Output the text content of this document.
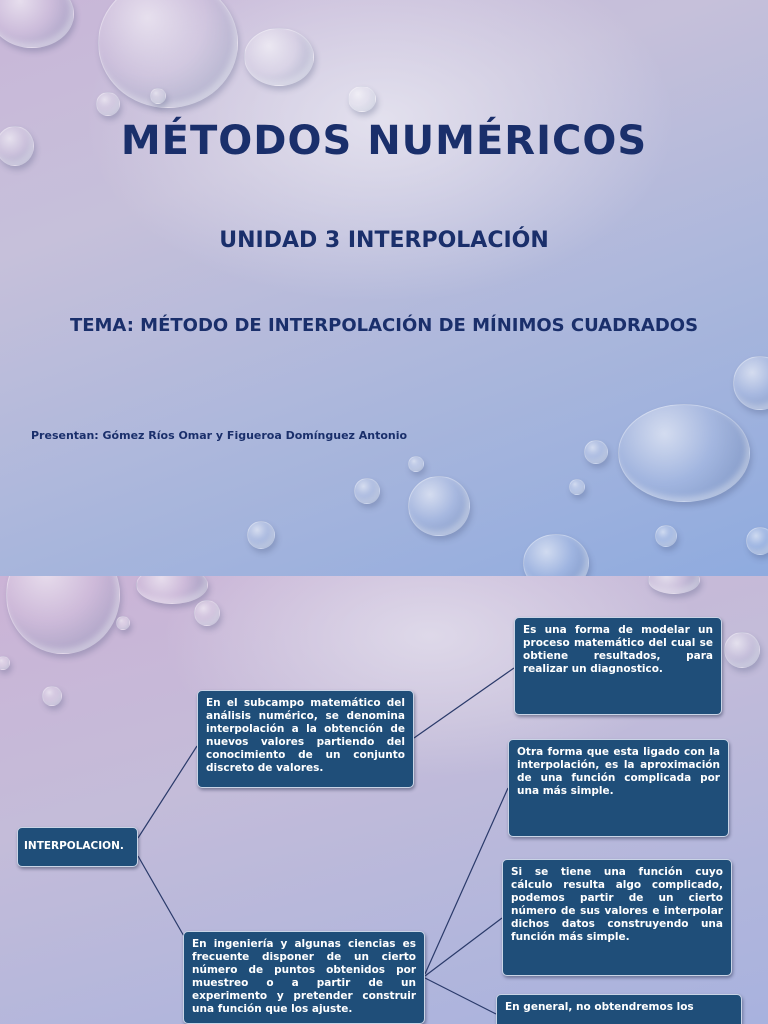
MÉTODOS NUMÉRICOS
UNIDAD 3 INTERPOLACIÓN
TEMA: MÉTODO DE INTERPOLACIÓN DE MÍNIMOS CUADRADOS
Presentan: Gómez Ríos Omar y Figueroa Domínguez Antonio
INTERPOLACION.
En el subcampo matemático del análisis numérico, se denomina interpolación a la obtención de nuevos valores partiendo del conocimiento de un conjunto discreto de valores.
En ingeniería y algunas ciencias es frecuente disponer de un cierto número de puntos obtenidos por muestreo o a partir de un experimento y pretender construir una función que los ajuste.
Es una forma de modelar un proceso matemático del cual se obtiene resultados, para realizar un diagnostico.
Otra forma que esta ligado con la interpolación, es la aproximación de una función complicada por una más simple.
Si se tiene una función cuyo cálculo resulta algo complicado, podemos partir de un cierto número de sus valores e interpolar dichos datos construyendo una función más simple.
En general, no obtendremos los
